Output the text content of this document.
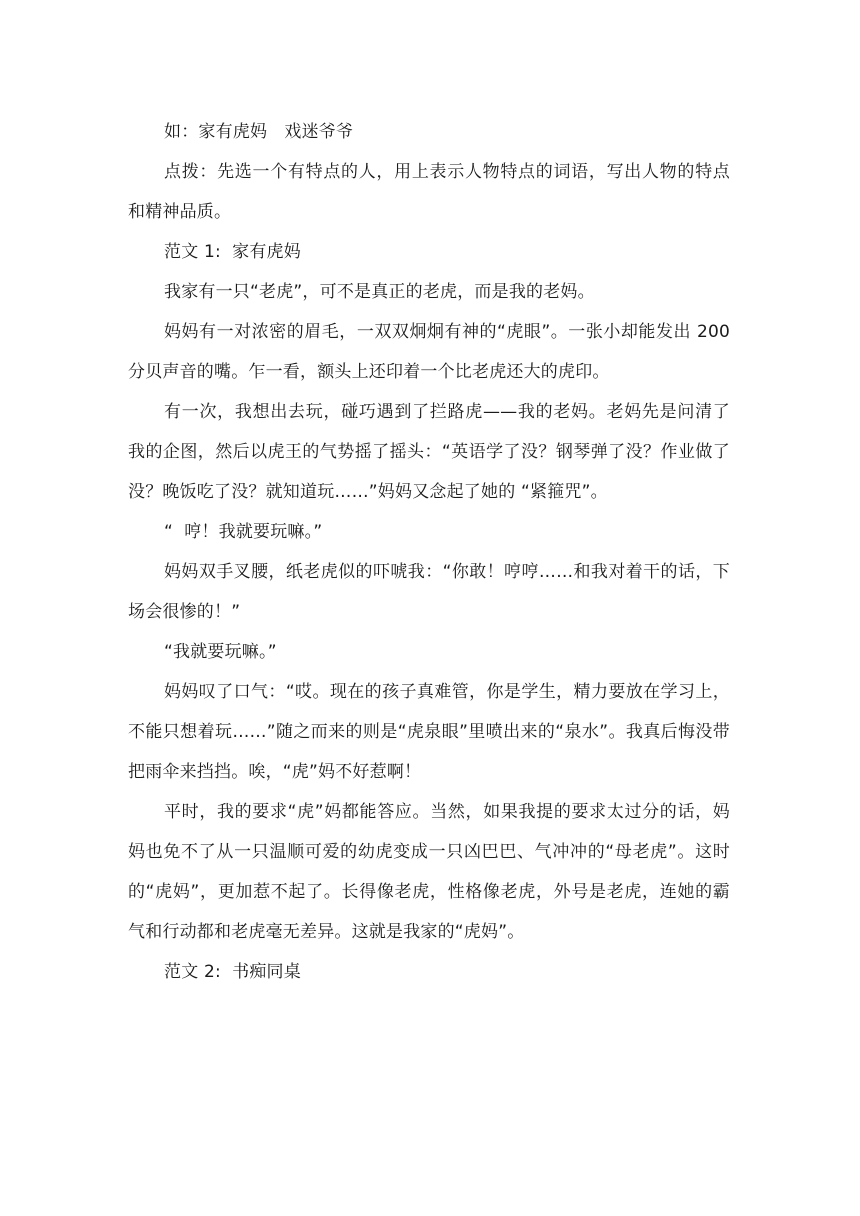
如：家有虎妈　戏迷爷爷

点拨：先选一个有特点的人，用上表示人物特点的词语，写出人物的特点和精神品质。

范文 1:  家有虎妈

我家有一只“老虎”，可不是真正的老虎，而是我的老妈。

妈妈有一对浓密的眉毛，一双双炯炯有神的“虎眼”。一张小却能发出 200 分贝声音的嘴。乍一看，额头上还印着一个比老虎还大的虎印。

有一次，我想出去玩，碰巧遇到了拦路虎——我的老妈。老妈先是问清了我的企图，然后以虎王的气势摇了摇头：“英语学了没？钢琴弹了没？作业做了没？晚饭吃了没？就知道玩……”妈妈又念起了她的 “紧箍咒”。

“  哼！我就要玩嘛。”

妈妈双手叉腰，纸老虎似的吓唬我：“你敢！哼哼……和我对着干的话，下场会很惨的！”

“我就要玩嘛。”

妈妈叹了口气：“哎。现在的孩子真难管，你是学生，精力要放在学习上，不能只想着玩……”随之而来的则是“虎泉眼”里喷出来的“泉水”。我真后悔没带把雨伞来挡挡。唉，“虎”妈不好惹啊！

平时，我的要求“虎”妈都能答应。当然，如果我提的要求太过分的话，妈妈也免不了从一只温顺可爱的幼虎变成一只凶巴巴、气冲冲的“母老虎”。这时的“虎妈”，更加惹不起了。长得像老虎，性格像老虎，外号是老虎，连她的霸气和行动都和老虎毫无差异。这就是我家的“虎妈”。

范文 2:  书痴同桌
